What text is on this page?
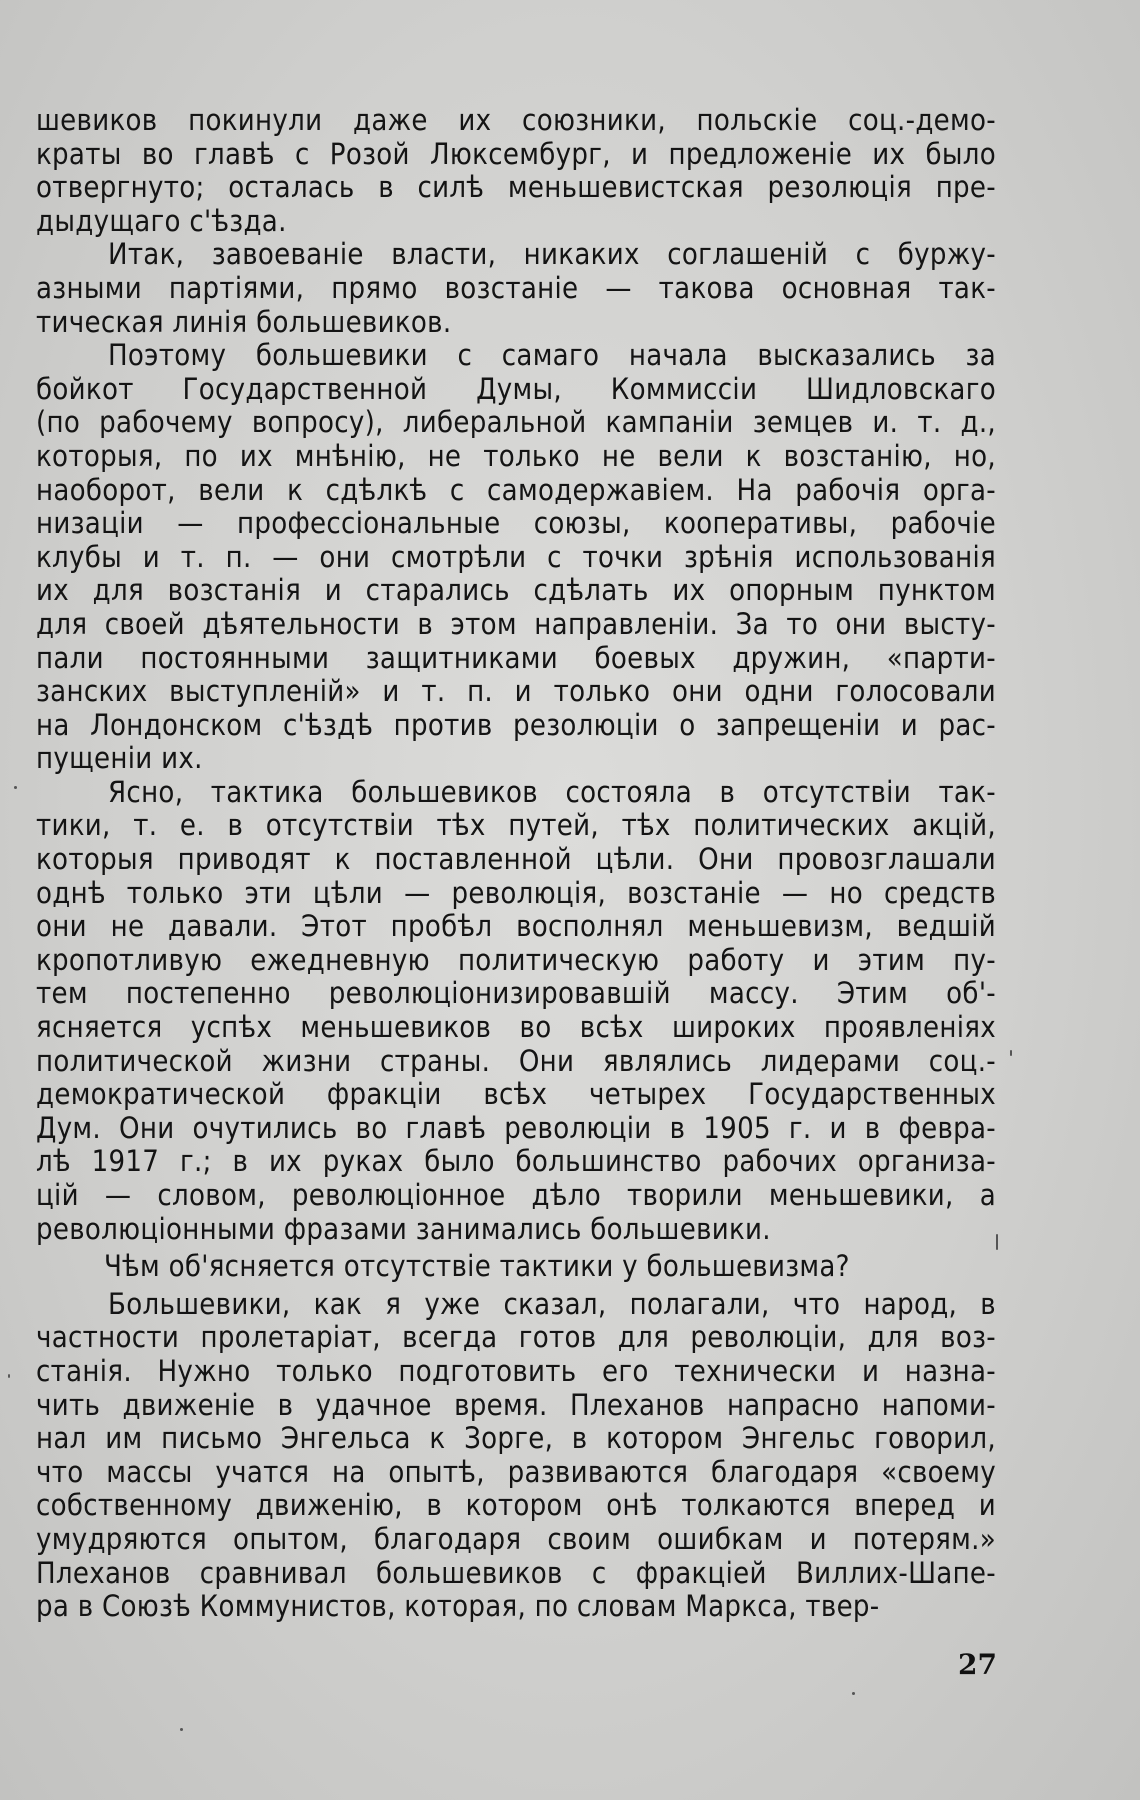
шевиков покинули даже их союзники, польскіе соц.-демо-
краты во главѣ с Розой Люксембург, и предложеніе их было
отвергнуто; осталась в силѣ меньшевистская резолюція пре-
дыдущаго с'ѣзда.
Итак, завоеваніе власти, никаких соглашеній с буржу-
азными партіями, прямо возстаніе — такова основная так-
тическая линія большевиков.
Поэтому большевики с самаго начала высказались за
бойкот Государственной Думы, Коммиссіи Шидловскаго
(по рабочему вопросу), либеральной кампаніи земцев и. т. д.,
которыя, по их мнѣнію, не только не вели к возстанію, но,
наоборот, вели к сдѣлкѣ с самодержавіем. На рабочія орга-
низаціи — профессіональные союзы, кооперативы, рабочіе
клубы и т. п. — они смотрѣли с точки зрѣнія использованія
их для возстанія и старались сдѣлать их опорным пунктом
для своей дѣятельности в этом направленіи. За то они высту-
пали постоянными защитниками боевых дружин, «парти-
занских выступленій» и т. п. и только они одни голосовали
на Лондонском с'ѣздѣ против резолюціи о запрещеніи и рас-
пущеніи их.
Ясно, тактика большевиков состояла в отсутствіи так-
тики, т. е. в отсутствіи тѣх путей, тѣх политических акцій,
которыя приводят к поставленной цѣли. Они провозглашали
однѣ только эти цѣли — революція, возстаніе — но средств
они не давали. Этот пробѣл восполнял меньшевизм, ведшій
кропотливую ежедневную политическую работу и этим пу-
тем постепенно революціонизировавшій массу. Этим об'-
ясняется успѣх меньшевиков во всѣх широких проявленіях
политической жизни страны. Они являлись лидерами соц.-
демократической фракціи всѣх четырех Государственных
Дум. Они очутились во главѣ революціи в 1905 г. и в февра-
лѣ 1917 г.; в их руках было большинство рабочих организа-
цій — словом, революціонное дѣло творили меньшевики, а
революціонными фразами занимались большевики.
Чѣм об'ясняется отсутствіе тактики у большевизма?
Большевики, как я уже сказал, полагали, что народ, в
частности пролетаріат, всегда готов для революціи, для воз-
станія. Нужно только подготовить его технически и назна-
чить движеніе в удачное время. Плеханов напрасно напоми-
нал им письмо Энгельса к Зорге, в котором Энгельс говорил,
что массы учатся на опытѣ, развиваются благодаря «своему
собственному движенію, в котором онѣ толкаются вперед и
умудряются опытом, благодаря своим ошибкам и потерям.»
Плеханов сравнивал большевиков с фракціей Виллих-Шапе-
ра в Союзѣ Коммунистов, которая, по словам Маркса, твер-
27
